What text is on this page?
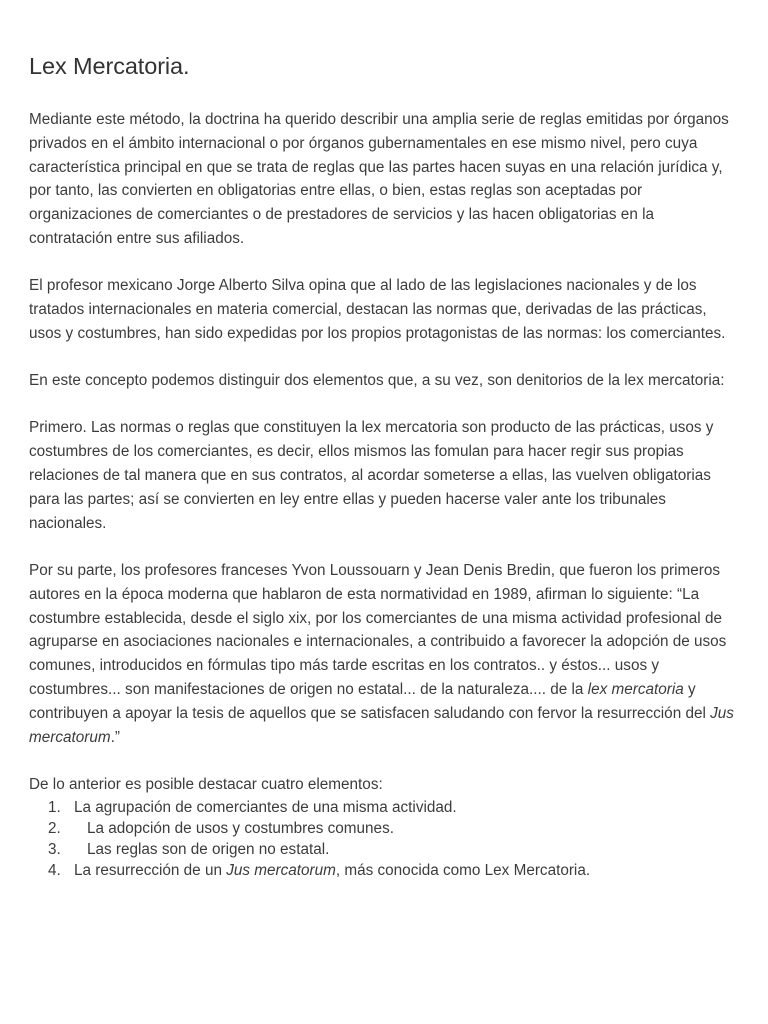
Lex Mercatoria.

Mediante este método, la doctrina ha querido describir una amplia serie de reglas emitidas por órganos privados en el ámbito internacional o por órganos gubernamentales en ese mismo nivel, pero cuya característica principal en que se trata de reglas que las partes hacen suyas en una relación jurídica y, por tanto, las convierten en obligatorias entre ellas, o bien, estas reglas son aceptadas por organizaciones de comerciantes o de prestadores de servicios y las hacen obligatorias en la contratación entre sus afiliados.

El profesor mexicano Jorge Alberto Silva opina que al lado de las legislaciones nacionales y de los tratados internacionales en materia comercial, destacan las normas que, derivadas de las prácticas, usos y costumbres, han sido expedidas por los propios protagonistas de las normas: los comerciantes.

En este concepto podemos distinguir dos elementos que, a su vez, son denitorios de la lex mercatoria:

Primero. Las normas o reglas que constituyen la lex mercatoria son producto de las prácticas, usos y costumbres de los comerciantes, es decir, ellos mismos las fomulan para hacer regir sus propias relaciones de tal manera que en sus contratos, al acordar someterse a ellas, las vuelven obligatorias para las partes; así se convierten en ley entre ellas y pueden hacerse valer ante los tribunales nacionales.

Por su parte, los profesores franceses Yvon Loussouarn y Jean Denis Bredin, que fueron los primeros autores en la época moderna que hablaron de esta normatividad en 1989, afirman lo siguiente: “La costumbre establecida, desde el siglo xix, por los comerciantes de una misma actividad profesional de agruparse en asociaciones nacionales e internacionales, a contribuido a favorecer la adopción de usos comunes, introducidos en fórmulas tipo más tarde escritas en los contratos.. y éstos... usos y costumbres... son manifestaciones de origen no estatal... de la naturaleza.... de la lex mercatoria y contribuyen a apoyar la tesis de aquellos que se satisfacen saludando con fervor la resurrección del Jus mercatorum.”

De lo anterior es posible destacar cuatro elementos:

1. La agrupación de comerciantes de una misma actividad.
2. La adopción de usos y costumbres comunes.
3. Las reglas son de origen no estatal.
4. La resurrección de un Jus mercatorum, más conocida como Lex Mercatoria.
